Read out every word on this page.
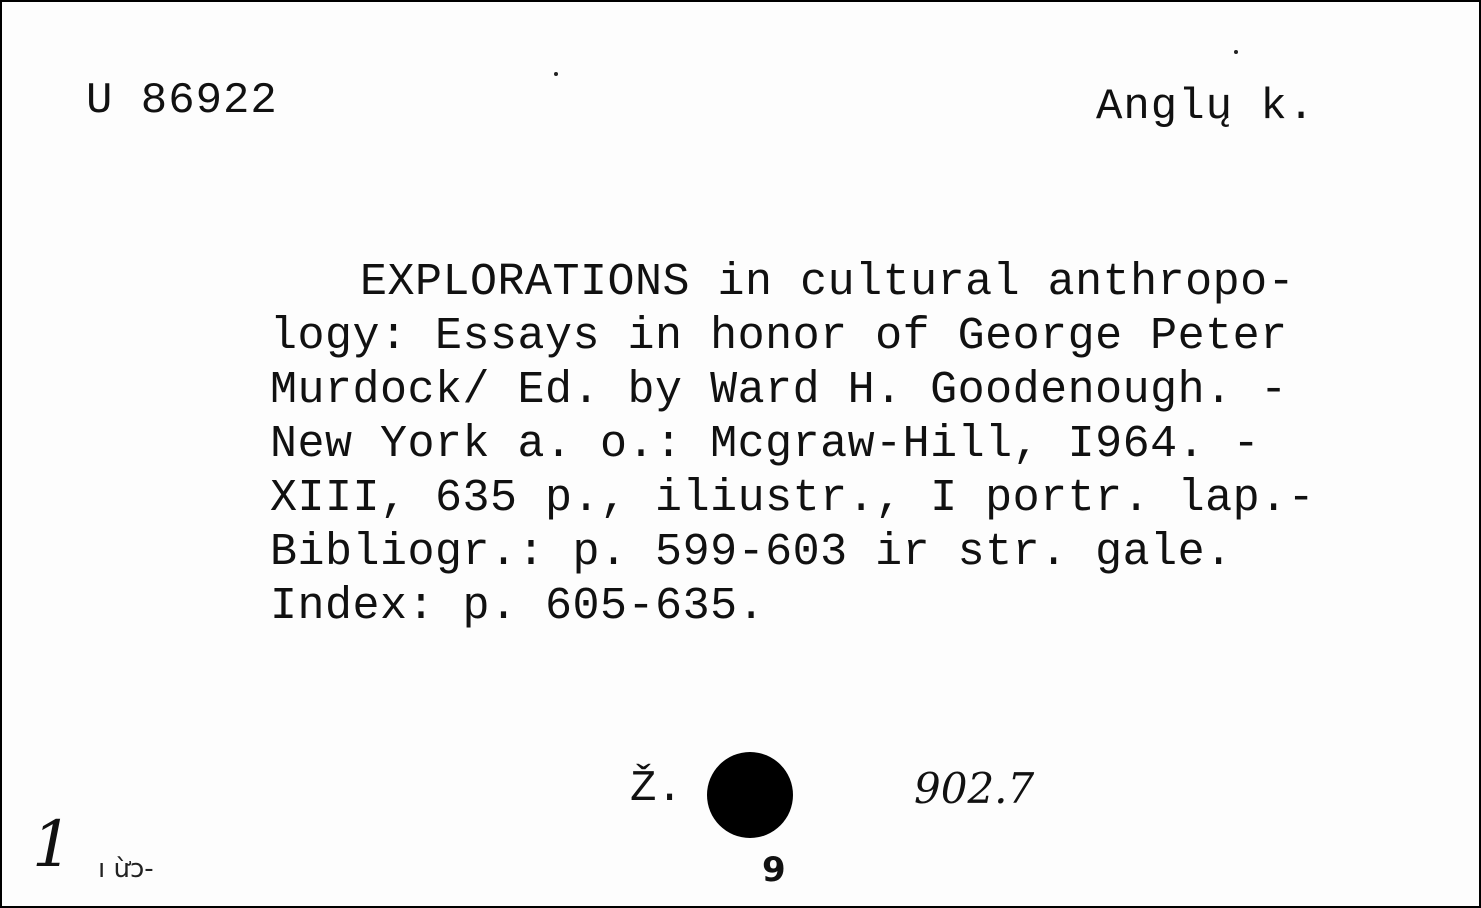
U 86922	Anglų k.
EXPLORATIONS in cultural anthropo-
logy: Essays in honor of George Peter
Murdock/ Ed. by Ward H. Goodenough. -
New York a. o.: Mcgraw-Hill, I964. -
XIII, 635 p., iliustr., I portr. lap.-
Bibliogr.: p. 599-603 ir str. gale.
Index: p. 605-635.
Ž.	902.7
1 ı ừɔ-	9
